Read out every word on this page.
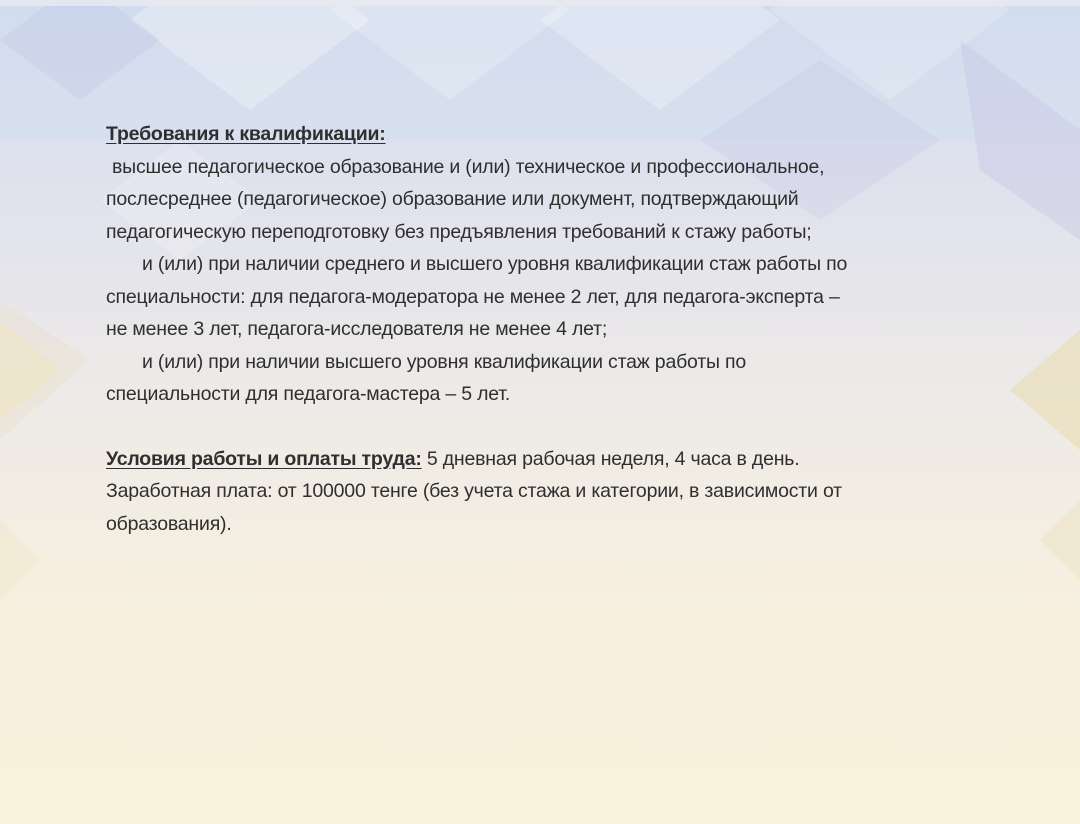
Требования к квалификации:

высшее педагогическое образование и (или) техническое и профессиональное,

послесреднее (педагогическое) образование или документ, подтверждающий

педагогическую переподготовку без предъявления требований к стажу работы;

и (или) при наличии среднего и высшего уровня квалификации стаж работы по

специальности: для педагога-модератора не менее 2 лет, для педагога-эксперта –

не менее 3 лет, педагога-исследователя не менее 4 лет;

и (или) при наличии высшего уровня квалификации стаж работы по

специальности для педагога-мастера – 5 лет.

Условия работы и оплаты труда: 5 дневная рабочая неделя, 4 часа в день.

Заработная плата: от 100000 тенге (без учета стажа и категории, в зависимости от

образования).
